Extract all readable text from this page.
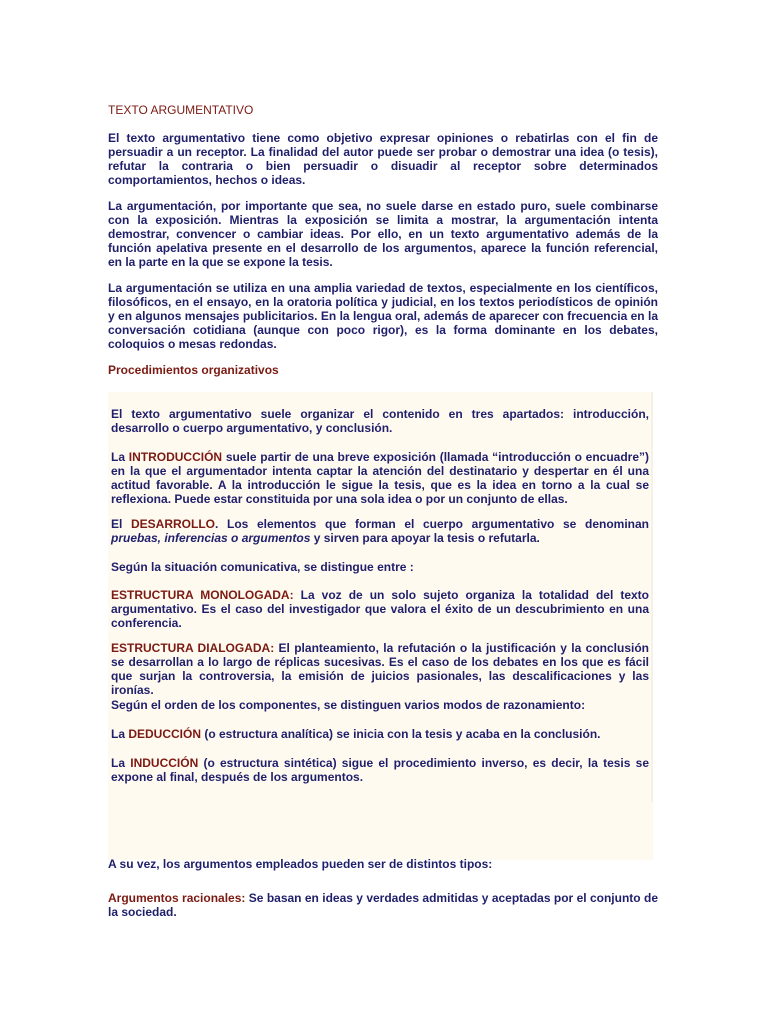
TEXTO ARGUMENTATIVO

El texto argumentativo tiene como objetivo expresar opiniones o rebatirlas con el fin de persuadir a un receptor. La finalidad del autor puede ser probar o demostrar una idea (o tesis), refutar la contraria o bien persuadir o disuadir al receptor sobre determinados comportamientos, hechos o ideas.

La argumentación, por importante que sea, no suele darse en estado puro, suele combinarse con la exposición. Mientras la exposición se limita a mostrar, la argumentación intenta demostrar, convencer o cambiar ideas. Por ello, en un texto argumentativo además de la función apelativa presente en el desarrollo de los argumentos, aparece la función referencial, en la parte en la que se expone la tesis.

La argumentación se utiliza en una amplia variedad de textos, especialmente en los científicos, filosóficos, en el ensayo, en la oratoria política y judicial, en los textos periodísticos de opinión y en algunos mensajes publicitarios. En la lengua oral, además de aparecer con frecuencia en la conversación cotidiana (aunque con poco rigor), es la forma dominante en los debates, coloquios o mesas redondas.

Procedimientos organizativos

El texto argumentativo suele organizar el contenido en tres apartados: introducción, desarrollo o cuerpo argumentativo, y conclusión.

La INTRODUCCIÓN suele partir de una breve exposición (llamada “introducción o encuadre”) en la que el argumentador intenta captar la atención del destinatario y despertar en él una actitud favorable. A la introducción le sigue la tesis, que es la idea en torno a la cual se reflexiona. Puede estar constituida por una sola idea o por un conjunto de ellas.

El DESARROLLO. Los elementos que forman el cuerpo argumentativo se denominan pruebas, inferencias o argumentos y sirven para apoyar la tesis o refutarla.

Según la situación comunicativa, se distingue entre :

ESTRUCTURA MONOLOGADA: La voz de un solo sujeto organiza la totalidad del texto argumentativo. Es el caso del investigador que valora el éxito de un descubrimiento en una conferencia.

ESTRUCTURA DIALOGADA: El planteamiento, la refutación o la justificación y la conclusión se desarrollan a lo largo de réplicas sucesivas. Es el caso de los debates en los que es fácil que surjan la controversia, la emisión de juicios pasionales, las descalificaciones y las ironías.

Según el orden de los componentes, se distinguen varios modos de razonamiento:

La DEDUCCIÓN (o estructura analítica) se inicia con la tesis y acaba en la conclusión.

La INDUCCIÓN (o estructura sintética) sigue el procedimiento inverso, es decir, la tesis se expone al final, después de los argumentos.

A su vez, los argumentos empleados pueden ser de distintos tipos:

Argumentos racionales: Se basan en ideas y verdades admitidas y aceptadas por el conjunto de la sociedad.
